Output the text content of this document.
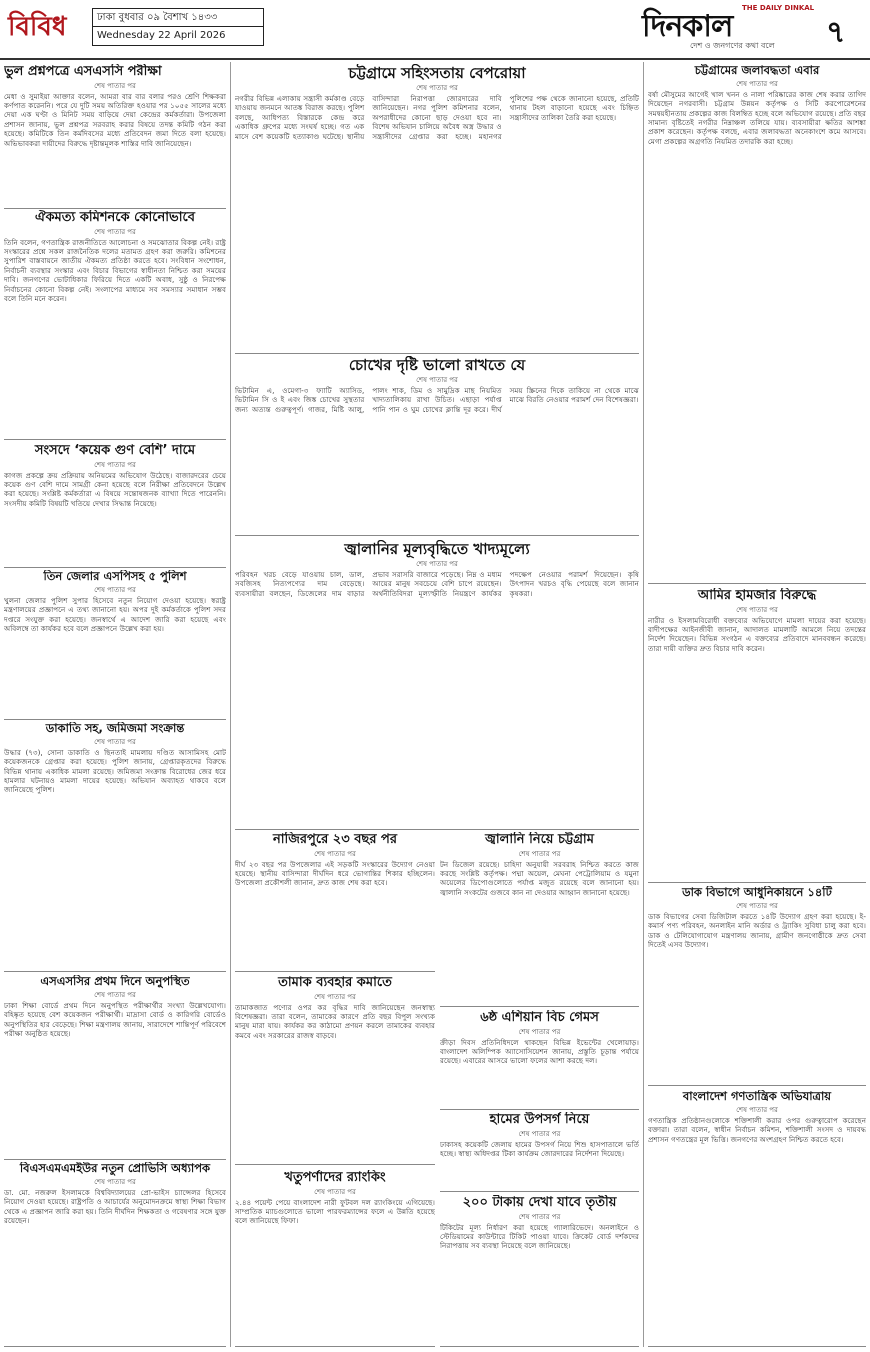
বিবিধ	ঢাকা বুধবার ০৯ বৈশাখ ১৪৩৩
Wednesday 22 April 2026	দিনকাল
THE DAILY DINKAL
দেশ ও জনগণের কথা বলে ৭
ভুল প্রশ্নপত্রে এসএসসি পরীক্ষা
শেষ পাতার পর
মেধা ও সুমাইয়া আক্তার বলেন, আমরা বার বার বলার পরও শ্রেণি শিক্ষকরা কর্ণপাত করেননি। পরে যে দুটি সময় অতিরিক্ত হওয়ার পর ১০৫৫ সালের মধ্যে দেয়া এক ঘণ্টা ও মিনিট সময় বাড়িয়ে দেয়া কেন্দ্রের কর্মকর্তারা। উপজেলা প্রশাসন জানায়, ভুল প্রশ্নপত্র সরবরাহ করার বিষয়ে তদন্ত কমিটি গঠন করা হয়েছে। কমিটিকে তিন কর্মদিবসের মধ্যে প্রতিবেদন জমা দিতে বলা হয়েছে। অভিভাবকরা দায়ীদের বিরুদ্ধে দৃষ্টান্তমূলক শাস্তির দাবি জানিয়েছেন।
ঐকমত্য কমিশনকে কোনোভাবে
শেষ পাতার পর
তিনি বলেন, গণতান্ত্রিক রাজনীতিতে আলোচনা ও সমঝোতার বিকল্প নেই। রাষ্ট্র সংস্কারের প্রশ্নে সকল রাজনৈতিক দলের মতামত গ্রহণ করা জরুরি। কমিশনের সুপারিশ বাস্তবায়নে জাতীয় ঐকমত্য প্রতিষ্ঠা করতে হবে। সংবিধান সংশোধন, নির্বাচনী ব্যবস্থার সংস্কার এবং বিচার বিভাগের স্বাধীনতা নিশ্চিত করা সময়ের দাবি। জনগণের ভোটাধিকার ফিরিয়ে দিতে একটি অবাধ, সুষ্ঠু ও নিরপেক্ষ নির্বাচনের কোনো বিকল্প নেই। সংলাপের মাধ্যমে সব সমস্যার সমাধান সম্ভব বলে তিনি মনে করেন।
সংসদে ‘কয়েক গুণ বেশি’ দামে
শেষ পাতার পর
কাগজ প্রকল্পে ক্রয় প্রক্রিয়ায় অনিয়মের অভিযোগ উঠেছে। বাজারদরের চেয়ে কয়েক গুণ বেশি দামে সামগ্রী কেনা হয়েছে বলে নিরীক্ষা প্রতিবেদনে উল্লেখ করা হয়েছে। সংশ্লিষ্ট কর্মকর্তারা এ বিষয়ে সন্তোষজনক ব্যাখ্যা দিতে পারেননি। সংসদীয় কমিটি বিষয়টি খতিয়ে দেখার সিদ্ধান্ত নিয়েছে।
তিন জেলার এসপিসহ ৫ পুলিশ
শেষ পাতার পর
খুলনা জেলার পুলিশ সুপার হিসেবে নতুন নিয়োগ দেওয়া হয়েছে। স্বরাষ্ট্র মন্ত্রণালয়ের প্রজ্ঞাপনে এ তথ্য জানানো হয়। অপর দুই কর্মকর্তাকে পুলিশ সদর দপ্তরে সংযুক্ত করা হয়েছে। জনস্বার্থে এ আদেশ জারি করা হয়েছে এবং অবিলম্বে তা কার্যকর হবে বলে প্রজ্ঞাপনে উল্লেখ করা হয়।
ডাকাতি সহ, জমিজমা সংক্রান্ত
শেষ পাতার পর
উদ্ধার (৭৩), সোনা ডাকাতি ও ছিনতাই মামলায় দণ্ডিত আসামিসহ মোট কয়েকজনকে গ্রেপ্তার করা হয়েছে। পুলিশ জানায়, গ্রেপ্তারকৃতদের বিরুদ্ধে বিভিন্ন থানায় একাধিক মামলা রয়েছে। জমিজমা সংক্রান্ত বিরোধের জের ধরে হামলার ঘটনায়ও মামলা দায়ের হয়েছে। অভিযান অব্যাহত থাকবে বলে জানিয়েছে পুলিশ।
এসএসসির প্রথম দিনে অনুপস্থিত
শেষ পাতার পর
ঢাকা শিক্ষা বোর্ডে প্রথম দিনে অনুপস্থিত পরীক্ষার্থীর সংখ্যা উল্লেখযোগ্য। বহিষ্কৃত হয়েছে বেশ কয়েকজন পরীক্ষার্থী। মাদ্রাসা বোর্ড ও কারিগরি বোর্ডেও অনুপস্থিতির হার বেড়েছে। শিক্ষা মন্ত্রণালয় জানায়, সারাদেশে শান্তিপূর্ণ পরিবেশে পরীক্ষা অনুষ্ঠিত হয়েছে।
বিএসএমএমইউর নতুন প্রোভিসি অধ্যাপক
শেষ পাতার পর
ডা. মো. নজরুল ইসলামকে বিশ্ববিদ্যালয়ের প্রো-ভাইস চ্যান্সেলর হিসেবে নিয়োগ দেওয়া হয়েছে। রাষ্ট্রপতি ও আচার্যের অনুমোদনক্রমে স্বাস্থ্য শিক্ষা বিভাগ থেকে এ প্রজ্ঞাপন জারি করা হয়। তিনি দীর্ঘদিন শিক্ষকতা ও গবেষণার সঙ্গে যুক্ত রয়েছেন।
চট্টগ্রামে সহিংসতায় বেপরোয়া
শেষ পাতার পর
নগরীর বিভিন্ন এলাকায় সন্ত্রাসী কর্মকাণ্ড বেড়ে যাওয়ায় জনমনে আতঙ্ক বিরাজ করছে। পুলিশ বলছে, আধিপত্য বিস্তারকে কেন্দ্র করে একাধিক গ্রুপের মধ্যে সংঘর্ষ হচ্ছে। গত এক মাসে বেশ কয়েকটি হত্যাকাণ্ড ঘটেছে। স্থানীয় বাসিন্দারা নিরাপত্তা জোরদারের দাবি জানিয়েছেন। নগর পুলিশ কমিশনার বলেন, অপরাধীদের কোনো ছাড় দেওয়া হবে না। বিশেষ অভিযান চালিয়ে অবৈধ অস্ত্র উদ্ধার ও সন্ত্রাসীদের গ্রেপ্তার করা হচ্ছে। মহানগর পুলিশের পক্ষ থেকে জানানো হয়েছে, প্রতিটি থানায় টহল বাড়ানো হয়েছে এবং চিহ্নিত সন্ত্রাসীদের তালিকা তৈরি করা হয়েছে।
চোখের দৃষ্টি ভালো রাখতে যে
শেষ পাতার পর
ভিটামিন এ, ওমেগা-৩ ফ্যাটি অ্যাসিড, ভিটামিন সি ও ই এবং জিঙ্ক চোখের সুস্থতার জন্য অত্যন্ত গুরুত্বপূর্ণ। গাজর, মিষ্টি আলু, পালং শাক, ডিম ও সামুদ্রিক মাছ নিয়মিত খাদ্যতালিকায় রাখা উচিত। এছাড়া পর্যাপ্ত পানি পান ও ঘুম চোখের ক্লান্তি দূর করে। দীর্ঘ সময় স্ক্রিনের দিকে তাকিয়ে না থেকে মাঝে মাঝে বিরতি নেওয়ার পরামর্শ দেন বিশেষজ্ঞরা।
জ্বালানির মূল্যবৃদ্ধিতে খাদ্যমূল্যে
শেষ পাতার পর
পরিবহন খরচ বেড়ে যাওয়ায় চাল, ডাল, সবজিসহ নিত্যপণ্যের দাম বেড়েছে। ব্যবসায়ীরা বলছেন, ডিজেলের দাম বাড়ার প্রভাব সরাসরি বাজারে পড়েছে। নিম্ন ও মধ্যম আয়ের মানুষ সবচেয়ে বেশি চাপে রয়েছেন। অর্থনীতিবিদরা মূল্যস্ফীতি নিয়ন্ত্রণে কার্যকর পদক্ষেপ নেওয়ার পরামর্শ দিয়েছেন। কৃষি উৎপাদন খরচও বৃদ্ধি পেয়েছে বলে জানান কৃষকরা।
নাজিরপুরে ২৩ বছর পর
শেষ পাতার পর
দীর্ঘ ২৩ বছর পর উপজেলার এই সড়কটি সংস্কারের উদ্যোগ নেওয়া হয়েছে। স্থানীয় বাসিন্দারা দীর্ঘদিন ধরে ভোগান্তির শিকার হচ্ছিলেন। উপজেলা প্রকৌশলী জানান, দ্রুত কাজ শেষ করা হবে।
তামাক ব্যবহার কমাতে
শেষ পাতার পর
তামাকজাত পণ্যের ওপর কর বৃদ্ধির দাবি জানিয়েছেন জনস্বাস্থ্য বিশেষজ্ঞরা। তারা বলেন, তামাকের কারণে প্রতি বছর বিপুল সংখ্যক মানুষ মারা যায়। কার্যকর কর কাঠামো প্রণয়ন করলে তামাকের ব্যবহার কমবে এবং সরকারের রাজস্ব বাড়বে।
জ্বালানি নিয়ে চট্টগ্রাম
শেষ পাতার পর
টন ডিজেল রয়েছে। চাহিদা অনুযায়ী সরবরাহ নিশ্চিত করতে কাজ করছে সংশ্লিষ্ট কর্তৃপক্ষ। পদ্মা অয়েল, মেঘনা পেট্রোলিয়াম ও যমুনা অয়েলের ডিপোগুলোতে পর্যাপ্ত মজুত রয়েছে বলে জানানো হয়। জ্বালানি সংকটের গুজবে কান না দেওয়ার আহ্বান জানানো হয়েছে।
৬ষ্ঠ এশিয়ান বিচ গেমস
শেষ পাতার পর
ক্রীড়া দিবস প্রতিনিধিদলে থাকছেন বিভিন্ন ইভেন্টের খেলোয়াড়। বাংলাদেশ অলিম্পিক অ্যাসোসিয়েশন জানায়, প্রস্তুতি চূড়ান্ত পর্যায়ে রয়েছে। এবারের আসরে ভালো ফলের আশা করছে দল।
হামের উপসর্গ নিয়ে
শেষ পাতার পর
ঢাকাসহ কয়েকটি জেলায় হামের উপসর্গ নিয়ে শিশু হাসপাতালে ভর্তি হচ্ছে। স্বাস্থ্য অধিদপ্তর টিকা কার্যক্রম জোরদারের নির্দেশনা দিয়েছে।
২০০ টাকায় দেখা যাবে তৃতীয়
শেষ পাতার পর
টিকিটের মূল্য নির্ধারণ করা হয়েছে গ্যালারিভেদে। অনলাইনে ও স্টেডিয়ামের কাউন্টারে টিকিট পাওয়া যাবে। ক্রিকেট বোর্ড দর্শকদের নিরাপত্তায় সব ব্যবস্থা নিয়েছে বলে জানিয়েছে।
খতুপর্ণাদের র‌্যাংকিং
শেষ পাতার পর
২.৪৪ পয়েন্ট পেয়ে বাংলাদেশ নারী ফুটবল দল র‌্যাংকিংয়ে এগিয়েছে। সাম্প্রতিক ম্যাচগুলোতে ভালো পারফরম্যান্সের ফলে এ উন্নতি হয়েছে বলে জানিয়েছে ফিফা।
চট্টগ্রামের জলাবদ্ধতা এবার
শেষ পাতার পর
বর্ষা মৌসুমের আগেই খাল খনন ও নালা পরিষ্কারের কাজ শেষ করার তাগিদ দিয়েছেন নগরবাসী। চট্টগ্রাম উন্নয়ন কর্তৃপক্ষ ও সিটি করপোরেশনের সমন্বয়হীনতায় প্রকল্পের কাজ বিলম্বিত হচ্ছে বলে অভিযোগ রয়েছে। প্রতি বছর সামান্য বৃষ্টিতেই নগরীর নিম্নাঞ্চল তলিয়ে যায়। ব্যবসায়ীরা ক্ষতির আশঙ্কা প্রকাশ করেছেন। কর্তৃপক্ষ বলছে, এবার জলাবদ্ধতা অনেকাংশে কমে আসবে। মেগা প্রকল্পের অগ্রগতি নিয়মিত তদারকি করা হচ্ছে।
আমির হামজার বিরুদ্ধে
শেষ পাতার পর
নারীর ও ইসলামবিরোধী বক্তব্যের অভিযোগে মামলা দায়ের করা হয়েছে। বাদীপক্ষের আইনজীবী জানান, আদালত মামলাটি আমলে নিয়ে তদন্তের নির্দেশ দিয়েছেন। বিভিন্ন সংগঠন এ বক্তব্যের প্রতিবাদে মানববন্ধন করেছে। তারা দায়ী ব্যক্তির দ্রুত বিচার দাবি করেন।
ডাক বিভাগে আধুনিকায়নে ১৪টি
শেষ পাতার পর
ডাক বিভাগের সেবা ডিজিটাল করতে ১৪টি উদ্যোগ গ্রহণ করা হয়েছে। ই-কমার্স পণ্য পরিবহন, অনলাইন মানি অর্ডার ও ট্র্যাকিং সুবিধা চালু করা হবে। ডাক ও টেলিযোগাযোগ মন্ত্রণালয় জানায়, গ্রামীণ জনগোষ্ঠীকে দ্রুত সেবা দিতেই এসব উদ্যোগ।
বাংলাদেশ গণতান্ত্রিক অভিযাত্রায়
শেষ পাতার পর
গণতান্ত্রিক প্রতিষ্ঠানগুলোকে শক্তিশালী করার ওপর গুরুত্বারোপ করেছেন বক্তারা। তারা বলেন, স্বাধীন নির্বাচন কমিশন, শক্তিশালী সংসদ ও দায়বদ্ধ প্রশাসন গণতন্ত্রের মূল ভিত্তি। জনগণের অংশগ্রহণ নিশ্চিত করতে হবে।
